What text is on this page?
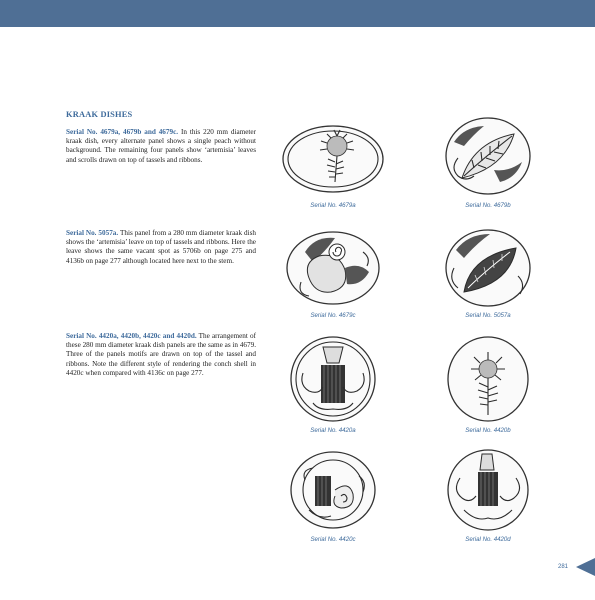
KRAAK DISHES

Serial No. 4679a, 4679b and 4679c. In this 220 mm diameter kraak dish, every alternate panel shows a single peach without background. The remaining four panels show ‘artemisia’ leaves and scrolls drawn on top of tassels and ribbons.

Serial No. 5057a. This panel from a 280 mm diameter kraak dish shows the ‘artemisia’ leave on top of tassels and ribbons. Here the leave shows the same vacant spot as 5706b on page 275 and 4136b on page 277 although located here next to the stem.

Serial No. 4420a, 4420b, 4420c and 4420d. The arrangement of these 280 mm diameter kraak dish panels are the same as in 4679. Three of the panels motifs are drawn on top of the tassel and ribbons. Note the different style of rendering the conch shell in 4420c when compared with 4136c on page 277.

Serial No. 4679a	Serial No. 4679b
Serial No. 4679c	Serial No. 5057a
Serial No. 4420a	Serial No. 4420b
Serial No. 4420c	Serial No. 4420d
281
